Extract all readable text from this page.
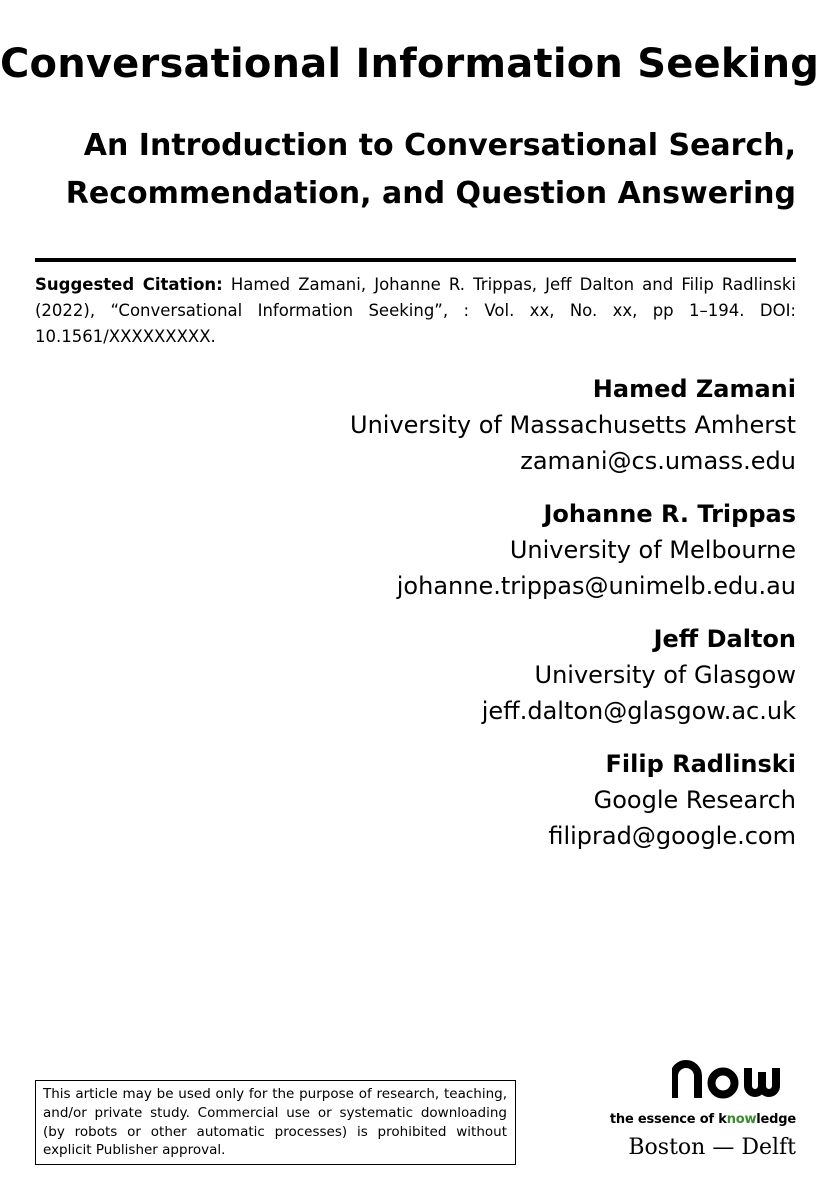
Conversational Information Seeking
An Introduction to Conversational Search,
Recommendation, and Question Answering
Suggested Citation: Hamed Zamani, Johanne R. Trippas, Jeff Dalton and Filip Radlinski (2022), “Conversational Information Seeking”, : Vol. xx, No. xx, pp 1–194. DOI: 10.1561/XXXXXXXXX.
Hamed Zamani
University of Massachusetts Amherst
zamani@cs.umass.edu
Johanne R. Trippas
University of Melbourne
johanne.trippas@unimelb.edu.au
Jeff Dalton
University of Glasgow
jeff.dalton@glasgow.ac.uk
Filip Radlinski
Google Research
filiprad@google.com
This article may be used only for the purpose of research, teaching, and/or private study. Commercial use or systematic downloading (by robots or other automatic processes) is prohibited without explicit Publisher approval.
the essence of knowledge
Boston — Delft
